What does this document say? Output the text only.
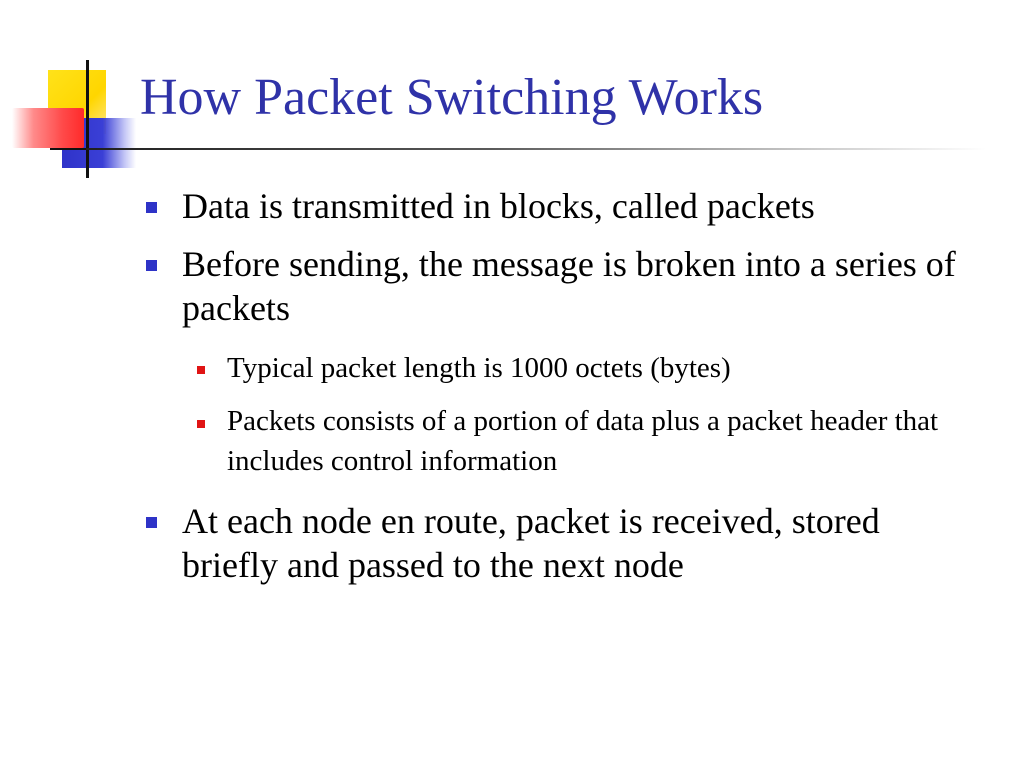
How Packet Switching Works
Data is transmitted in blocks, called packets
Before sending, the message is broken into a series of packets
Typical packet length is 1000 octets (bytes)
Packets consists of a portion of data plus a packet header that includes control information
At each node en route, packet is received, stored briefly and passed to the next node
